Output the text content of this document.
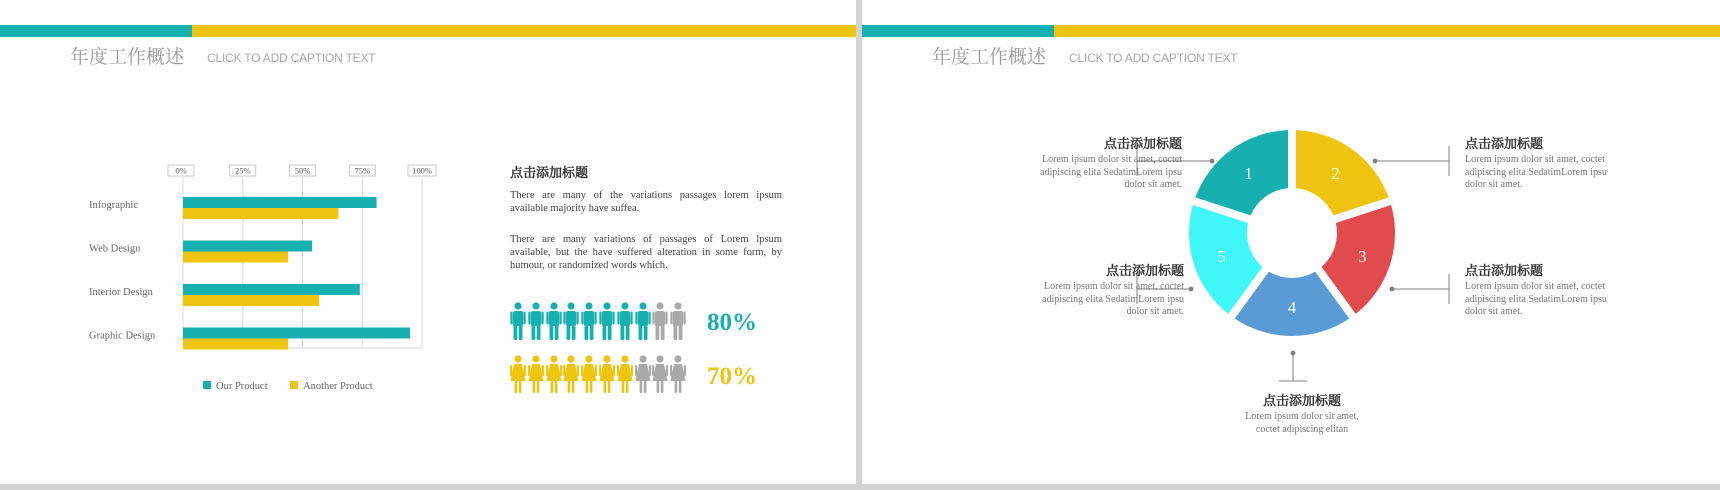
年度工作概述 CLICK TO ADD CAPTION TEXT
0%	25%	50%	75%	100%
Infographic
Web Design
Interior Design
Graphic Design
Our Product	Another Product
点击添加标题
There are many of the variations passages lorem ipsum available majority have suffea.
There are many variations of passages of Lorem lpsum available, but the have suffered alteration in some form, by humour, or randomized words which.
80%
70%
年度工作概述 CLICK TO ADD CAPTION TEXT
1	2
3
4
5
点击添加标题
Lorem ipsum dolor sit amet, coctet
adipiscing elita SedatimLorem ipsu
dolor sit amet.
点击添加标题
Lorem ipsum dolor sit amet, coctet
adipiscing elita SedatimLorem ipsu
dolor sit amet.
点击添加标题
Lorem ipsum dolor sit amet, coctet
adipiscing elita SedatimLorem ipsu
dolor sit amet.
点击添加标题
Lorem ipsum dolor sit amet, coctet
adipiscing elita SedatimLorem ipsu
dolor sit amet.
点击添加标题
Lorem ipsum dolor sit amet,
coctet adipiscing elitan
